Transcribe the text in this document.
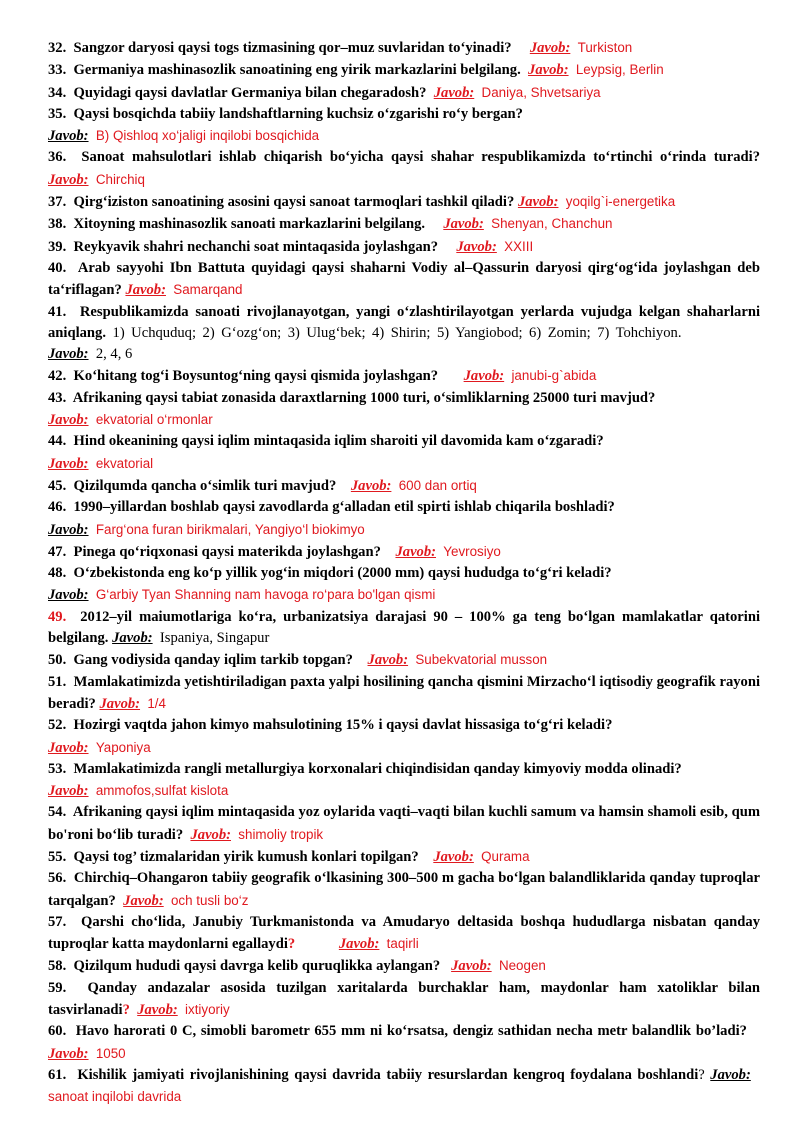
32. Sangzor daryosi qaysi togs tizmasining qor–muz suvlaridan to‘yinadi? Javob: Turkiston
33. Germaniya mashinasozlik sanoatining eng yirik markazlarini belgilang. Javob: Leypsig, Berlin
34. Quyidagi qaysi davlatlar Germaniya bilan chegaradosh? Javob: Daniya, Shvetsariya
35. Qaysi bosqichda tabiiy landshaftlarning kuchsiz o‘zgarishi ro‘y bergan?
Javob: B) Qishloq xo‘jaligi inqilobi bosqichida
36. Sanoat mahsulotlari ishlab chiqarish bo‘yicha qaysi shahar respublikamizda to‘rtinchi o‘rinda turadi? Javob: Chirchiq
37. Qirg‘iziston sanoatining asosini qaysi sanoat tarmoqlari tashkil qiladi? Javob: yoqilg`i-energetika
38. Xitoyning mashinasozlik sanoati markazlarini belgilang. Javob: Shenyan, Chanchun
39. Reykyavik shahri nechanchi soat mintaqasida joylashgan? Javob: XXIII
40. Arab sayyohi Ibn Battuta quyidagi qaysi shaharni Vodiy al–Qassurin daryosi qirg‘og‘ida joylashgan deb ta‘riflagan? Javob: Samarqand
41. Respublikamizda sanoati rivojlanayotgan, yangi o‘zlashtirilayotgan yerlarda vujudga kelgan shaharlarni aniqlang. 1) Uchquduq; 2) G‘ozg‘on; 3) Ulug‘bek; 4) Shirin; 5) Yangiobod; 6) Zomin; 7) Tohchiyon. Javob: 2, 4, 6
42. Ko‘hitang tog‘i Boysuntog‘ning qaysi qismida joylashgan? Javob: janubi-g`abida
43. Afrikaning qaysi tabiat zonasida daraxtlarning 1000 turi, o‘simliklarning 25000 turi mavjud?
Javob: ekvatorial o‘rmonlar
44. Hind okeanining qaysi iqlim mintaqasida iqlim sharoiti yil davomida kam o‘zgaradi?
Javob: ekvatorial
45. Qizilqumda qancha o‘simlik turi mavjud? Javob: 600 dan ortiq
46. 1990–yillardan boshlab qaysi zavodlarda g‘alladan etil spirti ishlab chiqarila boshladi?
Javob: Farg‘ona furan birikmalari, Yangiyo‘l biokimyo
47. Pinega qo‘riqxonasi qaysi materikda joylashgan? Javob: Yevrosiyo
48. O‘zbekistonda eng ko‘p yillik yog‘in miqdori (2000 mm) qaysi hududga to‘g‘ri keladi?
Javob: G‘arbiy Tyan Shanning nam havoga ro‘para bo'lgan qismi
49. 2012–yil maiumotlariga ko‘ra, urbanizatsiya darajasi 90 – 100% ga teng bo‘lgan mamlakatlar qatorini belgilang. Javob: Ispaniya, Singapur
50. Gang vodiysida qanday iqlim tarkib topgan? Javob: Subekvatorial musson
51. Mamlakatimizda yetishtiriladigan paxta yalpi hosilining qancha qismini Mirzacho‘l iqtisodiy geografik rayoni beradi? Javob: 1/4
52. Hozirgi vaqtda jahon kimyo mahsulotining 15% i qaysi davlat hissasiga to‘g‘ri keladi?
Javob: Yaponiya
53. Mamlakatimizda rangli metallurgiya korxonalari chiqindisidan qanday kimyoviy modda olinadi?
Javob: ammofos,sulfat kislota
54. Afrikaning qaysi iqlim mintaqasida yoz oylarida vaqti–vaqti bilan kuchli samum va hamsin shamoli esib, qum bo'roni bo‘lib turadi? Javob: shimoliy tropik
55. Qaysi tog’ tizmalaridan yirik kumush konlari topilgan? Javob: Qurama
56. Chirchiq–Ohangaron tabiiy geografik o‘lkasining 300–500 m gacha bo‘lgan balandliklarida qanday tuproqlar tarqalgan? Javob: och tusli bo‘z
57. Qarshi cho‘lida, Janubiy Turkmanistonda va Amudaryo deltasida boshqa hududlarga nisbatan qanday tuproqlar katta maydonlarni egallaydi?	Javob: taqirli
58. Qizilqum hududi qaysi davrga kelib quruqlikka aylangan? Javob: Neogen
59. Qanday andazalar asosida tuzilgan xaritalarda burchaklar ham, maydonlar ham xatoliklar bilan tasvirlanadi? Javob: ixtiyoriy
60. Havo harorati 0 C, simobli barometr 655 mm ni ko‘rsatsa, dengiz sathidan necha metr balandlik bo’ladi?    Javob: 1050
61. Kishilik jamiyati rivojlanishining qaysi davrida tabiiy resurslardan kengroq foydalana boshlandi? Javob:   sanoat inqilobi davrida
